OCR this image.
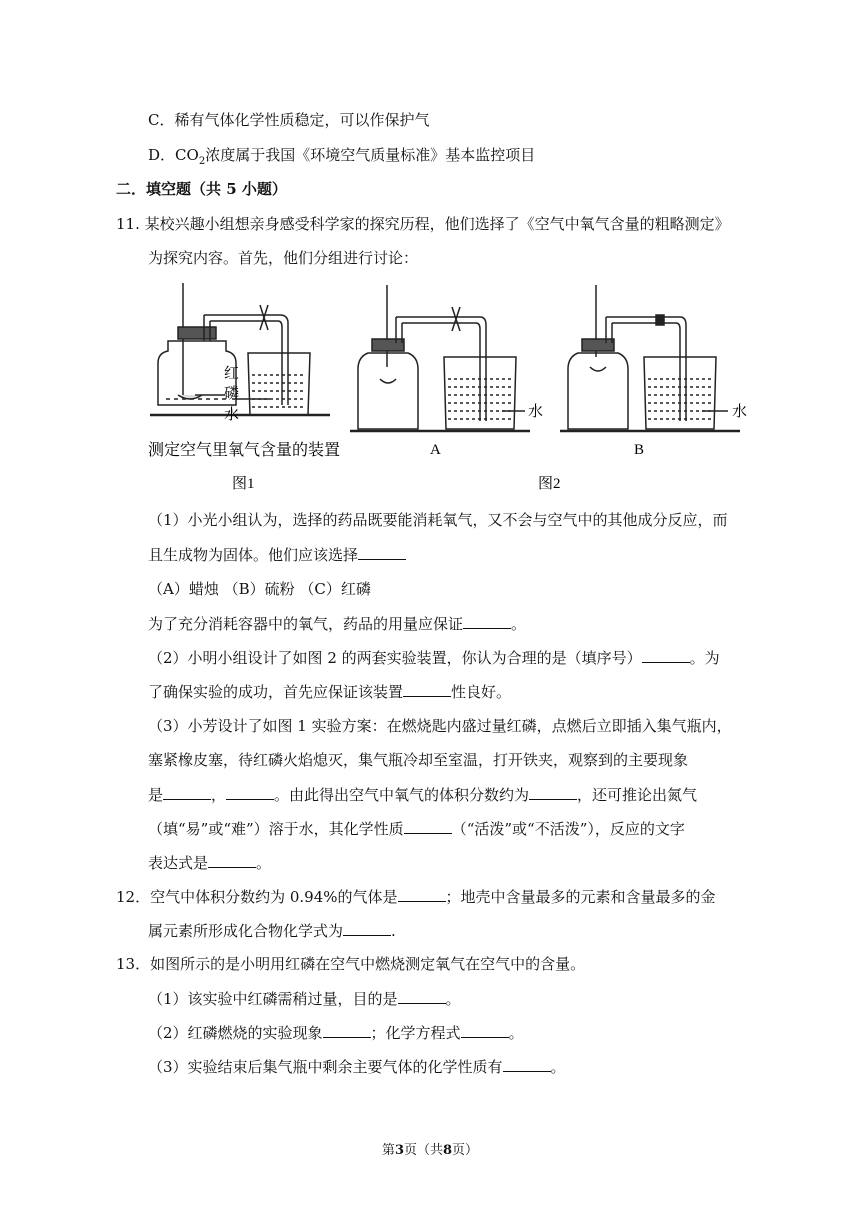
C．稀有气体化学性质稳定，可以作保护气
D．$CO_2$浓度属于我国《环境空气质量标准》基本监控项目
二．填空题（共 5 小题）
11. 某校兴趣小组想亲身感受科学家的探究历程，他们选择了《空气中氧气含量的粗略测定》
为探究内容。首先，他们分组进行讨论：
红
磷
水
测定空气里氧气含量的装置
图1
水
A
图2
水
B
（1）小光小组认为，选择的药品既要能消耗氧气，又不会与空气中的其他成分反应，而
且生成物为固体。他们应该选择
（A）蜡烛 （B）硫粉 （C）红磷
为了充分消耗容器中的氧气，药品的用量应保证	。
（2）小明小组设计了如图 2 的两套实验装置，你认为合理的是（填序号）	。为
了确保实验的成功，首先应保证该装置	性良好。
（3）小芳设计了如图 1 实验方案：在燃烧匙内盛过量红磷，点燃后立即插入集气瓶内，
塞紧橡皮塞，待红磷火焰熄灭，集气瓶冷却至室温，打开铁夹，观察到的主要现象
是	，	。由此得出空气中氧气的体积分数约为	，还可推论出氮气
（填“易”或“难”）溶于水，其化学性质	（“活泼”或“不活泼”），反应的文字
表达式是	。
12．空气中体积分数约为 0.94%的气体是	；地壳中含量最多的元素和含量最多的金
属元素所形成化合物化学式为	.
13．如图所示的是小明用红磷在空气中燃烧测定氧气在空气中的含量。
（1）该实验中红磷需稍过量，目的是	。
（2）红磷燃烧的实验现象	；化学方程式	。
（3）实验结束后集气瓶中剩余主要气体的化学性质有	。
第3页（共8页）
